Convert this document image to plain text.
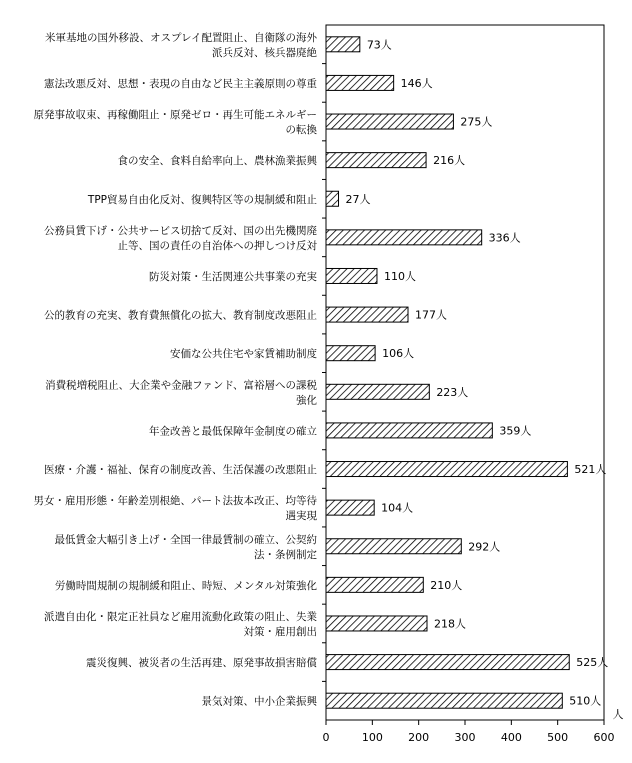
0	100 200 300 400 500 600
人
73人
米軍基地の国外移設、オスプレイ配置阻止、自衛隊の海外
派兵反対、核兵器廃絶
146人
憲法改悪反対、思想・表現の自由など民主主義原則の尊重
275人
原発事故収束、再稼働阻止・原発ゼロ・再生可能エネルギー
の転換
216人
食の安全、食料自給率向上、農林漁業振興
27人
TPP貿易自由化反対、復興特区等の規制緩和阻止
336人
公務員賃下げ・公共サービス切捨て反対、国の出先機関廃
止等、国の責任の自治体への押しつけ反対
110人
防災対策・生活関連公共事業の充実
177人
公的教育の充実、教育費無償化の拡大、教育制度改悪阻止
106人
安価な公共住宅や家賃補助制度
223人
消費税増税阻止、大企業や金融ファンド、富裕層への課税
強化
359人
年金改善と最低保障年金制度の確立
521人
医療・介護・福祉、保育の制度改善、生活保護の改悪阻止
104人
男女・雇用形態・年齢差別根絶、パート法抜本改正、均等待
遇実現
292人
最低賃金大幅引き上げ・全国一律最賃制の確立、公契約
法・条例制定
210人
労働時間規制の規制緩和阻止、時短、メンタル対策強化
218人
派遣自由化・限定正社員など雇用流動化政策の阻止、失業
対策・雇用創出
525人
震災復興、被災者の生活再建、原発事故損害賠償
510人
景気対策、中小企業振興
